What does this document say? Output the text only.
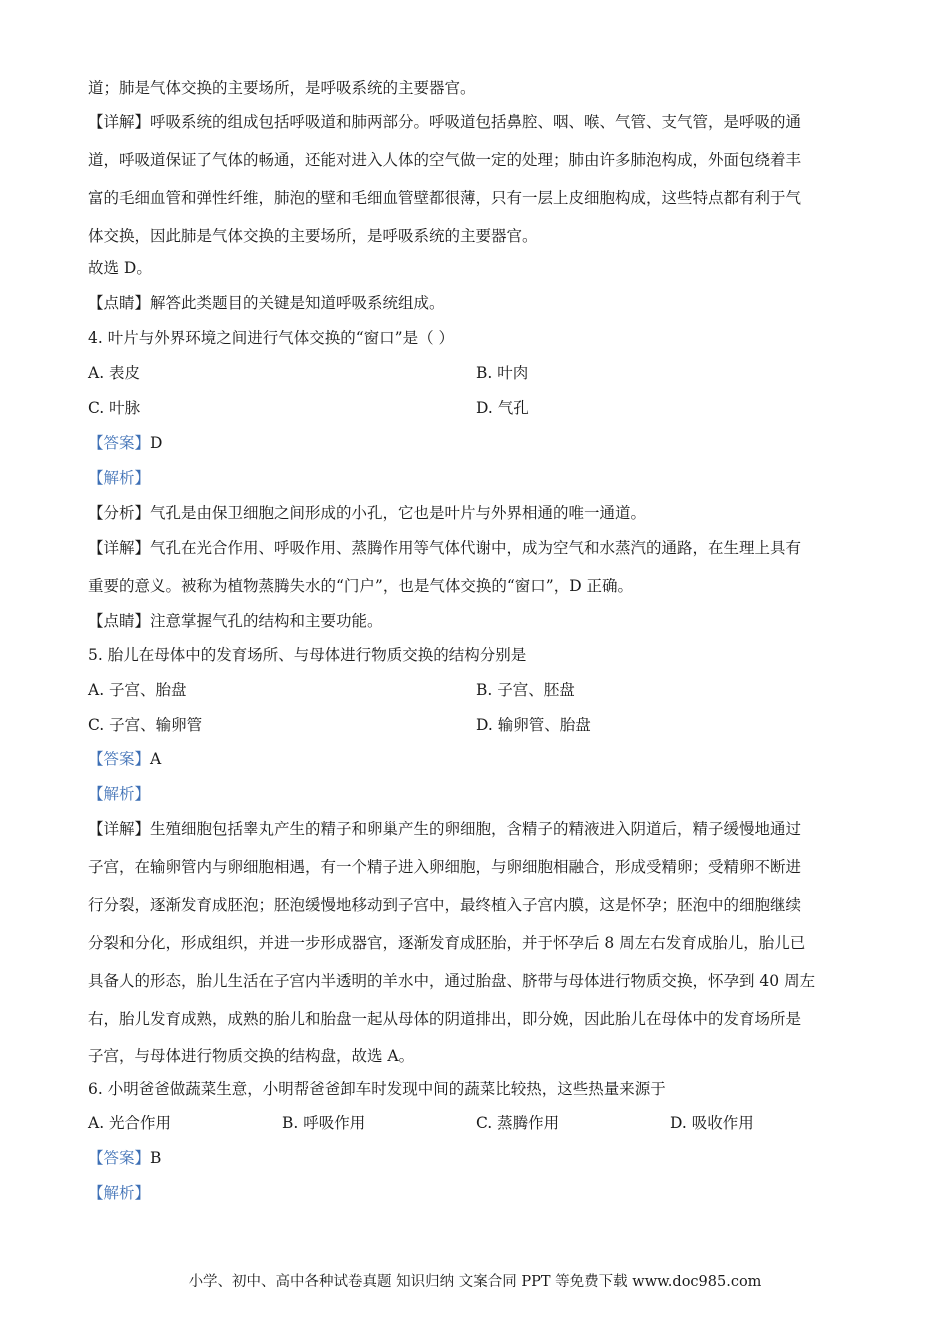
道；肺是气体交换的主要场所，是呼吸系统的主要器官。
【详解】呼吸系统的组成包括呼吸道和肺两部分。呼吸道包括鼻腔、咽、喉、气管、支气管，是呼吸的通
道，呼吸道保证了气体的畅通，还能对进入人体的空气做一定的处理；肺由许多肺泡构成，外面包绕着丰
富的毛细血管和弹性纤维，肺泡的壁和毛细血管壁都很薄，只有一层上皮细胞构成，这些特点都有利于气
体交换，因此肺是气体交换的主要场所，是呼吸系统的主要器官。
故选 D。
【点睛】解答此类题目的关键是知道呼吸系统组成。
4. 叶片与外界环境之间进行气体交换的“窗口”是（ ）
A. 表皮	B. 叶肉
C. 叶脉	D. 气孔
【答案】D
【解析】
【分析】气孔是由保卫细胞之间形成的小孔，它也是叶片与外界相通的唯一通道。
【详解】气孔在光合作用、呼吸作用、蒸腾作用等气体代谢中，成为空气和水蒸汽的通路，在生理上具有
重要的意义。被称为植物蒸腾失水的“门户”，也是气体交换的“窗口”，D 正确。
【点睛】注意掌握气孔的结构和主要功能。
5. 胎儿在母体中的发育场所、与母体进行物质交换的结构分别是
A. 子宫、胎盘	B. 子宫、胚盘
C. 子宫、输卵管	D. 输卵管、胎盘
【答案】A
【解析】
【详解】生殖细胞包括睾丸产生的精子和卵巢产生的卵细胞，含精子的精液进入阴道后，精子缓慢地通过
子宫，在输卵管内与卵细胞相遇，有一个精子进入卵细胞，与卵细胞相融合，形成受精卵；受精卵不断进
行分裂，逐渐发育成胚泡；胚泡缓慢地移动到子宫中，最终植入子宫内膜，这是怀孕；胚泡中的细胞继续
分裂和分化，形成组织，并进一步形成器官，逐渐发育成胚胎，并于怀孕后 8 周左右发育成胎儿，胎儿已
具备人的形态，胎儿生活在子宫内半透明的羊水中，通过胎盘、脐带与母体进行物质交换，怀孕到 40 周左
右，胎儿发育成熟，成熟的胎儿和胎盘一起从母体的阴道排出，即分娩，因此胎儿在母体中的发育场所是
子宫，与母体进行物质交换的结构盘，故选 A。
6. 小明爸爸做蔬菜生意，小明帮爸爸卸车时发现中间的蔬菜比较热，这些热量来源于
A. 光合作用	B. 呼吸作用	C. 蒸腾作用	D. 吸收作用
【答案】B
【解析】
小学、初中、高中各种试卷真题 知识归纳 文案合同 PPT 等免费下载 www.doc985.com
